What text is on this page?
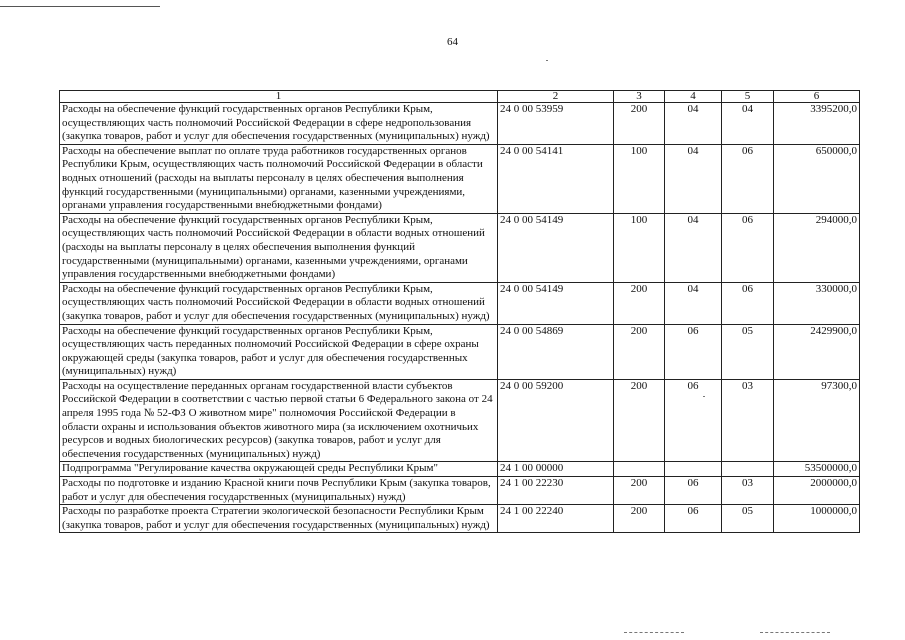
64
1	2	3	4	5	6
Расходы на обеспечение функций государственных органов Республики Крым, осуществляющих часть полномочий Российской Федерации в сфере недропользования (закупка товаров, работ и услуг для обеспечения государственных (муниципальных) нужд)	24 0 00 53959	200	04	04	3395200,0
Расходы на обеспечение выплат по оплате труда работников государственных органов Республики Крым, осуществляющих часть полномочий Российской Федерации в области водных отношений (расходы на выплаты персоналу в целях обеспечения выполнения функций государственными (муниципальными) органами, казенными учреждениями, органами управления государственными внебюджетными фондами)	24 0 00 54141	100	04	06	650000,0
Расходы на обеспечение функций государственных органов Республики Крым, осуществляющих часть полномочий Российской Федерации в области водных отношений (расходы на выплаты персоналу в целях обеспечения выполнения функций государственными (муниципальными) органами, казенными учреждениями, органами управления государственными внебюджетными фондами)	24 0 00 54149	100	04	06	294000,0
Расходы на обеспечение функций государственных органов Республики Крым, осуществляющих часть полномочий Российской Федерации в области водных отношений (закупка товаров, работ и услуг для обеспечения государственных (муниципальных) нужд)	24 0 00 54149	200	04	06	330000,0
Расходы на обеспечение функций государственных органов Республики Крым, осуществляющих часть переданных полномочий Российской Федерации в сфере охраны окружающей среды (закупка товаров, работ и услуг для обеспечения государственных (муниципальных) нужд)	24 0 00 54869	200	06	05	2429900,0
Расходы на осуществление переданных органам государственной власти субъектов Российской Федерации в соответствии с частью первой статьи 6 Федерального закона от 24 апреля 1995 года № 52-ФЗ О животном мире" полномочия Российской Федерации в области охраны и использования объектов животного мира (за исключением охотничьих ресурсов и водных биологических ресурсов) (закупка товаров, работ и услуг для обеспечения государственных (муниципальных) нужд)	24 0 00 59200	200	06	03	97300,0
Подпрограмма "Регулирование качества окружающей среды Республики Крым"	24 1 00 00000				53500000,0
Расходы по подготовке и изданию Красной книги почв Республики Крым (закупка товаров, работ и услуг для обеспечения государственных (муниципальных) нужд)	24 1 00 22230	200	06	03	2000000,0
Расходы по разработке проекта Стратегии экологической безопасности Республики Крым (закупка товаров, работ и услуг для обеспечения государственных (муниципальных) нужд)	24 1 00 22240	200	06	05	1000000,0
